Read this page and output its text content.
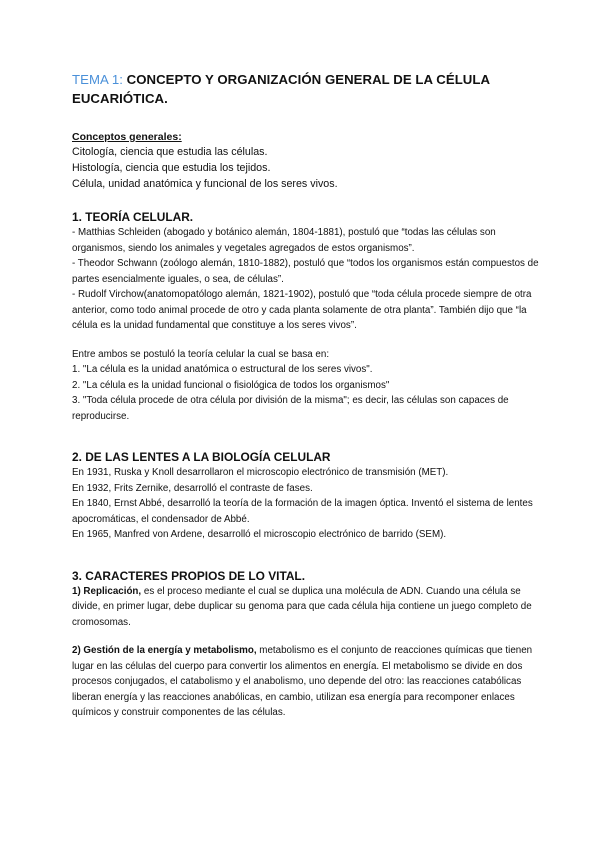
TEMA 1: CONCEPTO Y ORGANIZACIÓN GENERAL DE LA CÉLULA EUCARIÓTICA.
Conceptos generales:

Citología, ciencia que estudia las células.

Histología, ciencia que estudia los tejidos.

Célula, unidad anatómica y funcional de los seres vivos.

1. TEORÍA CELULAR.

- Matthias Schleiden (abogado y botánico alemán, 1804-1881), postuló que “todas las células son organismos, siendo los animales y vegetales agregados de estos organismos”.

- Theodor Schwann (zoólogo alemán, 1810-1882), postuló que “todos los organismos están compuestos de partes esencialmente iguales, o sea, de células”.

- Rudolf Virchow(anatomopatólogo alemán, 1821-1902), postuló que “toda célula procede siempre de otra anterior, como todo animal procede de otro y cada planta solamente de otra planta”. También dijo que “la célula es la unidad fundamental que constituye a los seres vivos”.

Entre ambos se postuló la teoría celular la cual se basa en:

1. "La célula es la unidad anatómica o estructural de los seres vivos".

2. "La célula es la unidad funcional o fisiológica de todos los organismos"

3. "Toda célula procede de otra célula por división de la misma"; es decir, las células son capaces de reproducirse.

2. DE LAS LENTES A LA BIOLOGÍA CELULAR

En 1931, Ruska y Knoll desarrollaron el microscopio electrónico de transmisión (MET).

En 1932, Frits Zernike, desarrolló el contraste de fases.

En 1840, Ernst Abbé, desarrolló la teoría de la formación de la imagen óptica. Inventó el sistema de lentes apocromáticas, el condensador de Abbé.

En 1965, Manfred von Ardene, desarrolló el microscopio electrónico de barrido (SEM).

3. CARACTERES PROPIOS DE LO VITAL.

1) Replicación, es el proceso mediante el cual se duplica una molécula de ADN. Cuando una célula se divide, en primer lugar, debe duplicar su genoma para que cada célula hija contiene un juego completo de cromosomas.

2) Gestión de la energía y metabolismo, metabolismo es el conjunto de reacciones químicas que tienen lugar en las células del cuerpo para convertir los alimentos en energía. El metabolismo se divide en dos procesos conjugados, el catabolismo y el anabolismo, uno depende del otro: las reacciones catabólicas liberan energía y las reacciones anabólicas, en cambio, utilizan esa energía para recomponer enlaces químicos y construir componentes de las células.
